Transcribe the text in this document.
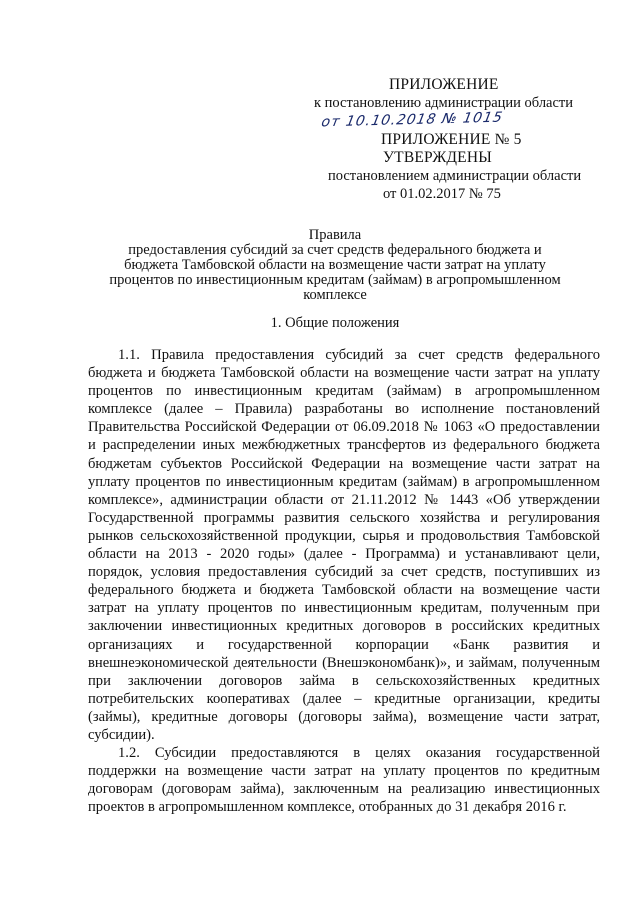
ПРИЛОЖЕНИЕ
к постановлению администрации области
от 10.10.2018 № 1015
ПРИЛОЖЕНИЕ № 5
УТВЕРЖДЕНЫ
постановлением администрации области
от 01.02.2017 № 75
Правила
предоставления субсидий за счет средств федерального бюджета и
бюджета Тамбовской области на возмещение части затрат на уплату
процентов по инвестиционным кредитам (займам) в агропромышленном
комплексе
1. Общие положения

1.1. Правила предоставления субсидий за счет средств федерального бюджета и бюджета Тамбовской области на возмещение части затрат на уплату процентов по инвестиционным кредитам (займам) в агропромышленном комплексе (далее – Правила) разработаны во исполнение постановлений Правительства Российской Федерации от 06.09.2018 № 1063 «О предоставлении и распределении иных межбюджетных трансфертов из федерального бюджета бюджетам субъектов Российской Федерации на возмещение части затрат на уплату процентов по инвестиционным кредитам (займам) в агропромышленном комплексе», администрации области от 21.11.2012 № 1443 «Об утверждении Государственной программы развития сельского хозяйства и регулирования рынков сельскохозяйственной продукции, сырья и продовольствия Тамбовской области на 2013 - 2020 годы» (далее - Программа) и устанавливают цели, порядок, условия предоставления субсидий за счет средств, поступивших из федерального бюджета и бюджета Тамбовской области на возмещение части затрат на уплату процентов по инвестиционным кредитам, полученным при заключении инвестиционных кредитных договоров в российских кредитных организациях и государственной корпорации «Банк развития и внешнеэкономической деятельности (Внешэкономбанк)», и займам, полученным при заключении договоров займа в сельскохозяйственных кредитных потребительских кооперативах (далее – кредитные организации, кредиты (займы), кредитные договоры (договоры займа), возмещение части затрат, субсидии).

1.2. Субсидии предоставляются в целях оказания государственной поддержки на возмещение части затрат на уплату процентов по кредитным договорам (договорам займа), заключенным на реализацию инвестиционных проектов в агропромышленном комплексе, отобранных до 31 декабря 2016 г.
